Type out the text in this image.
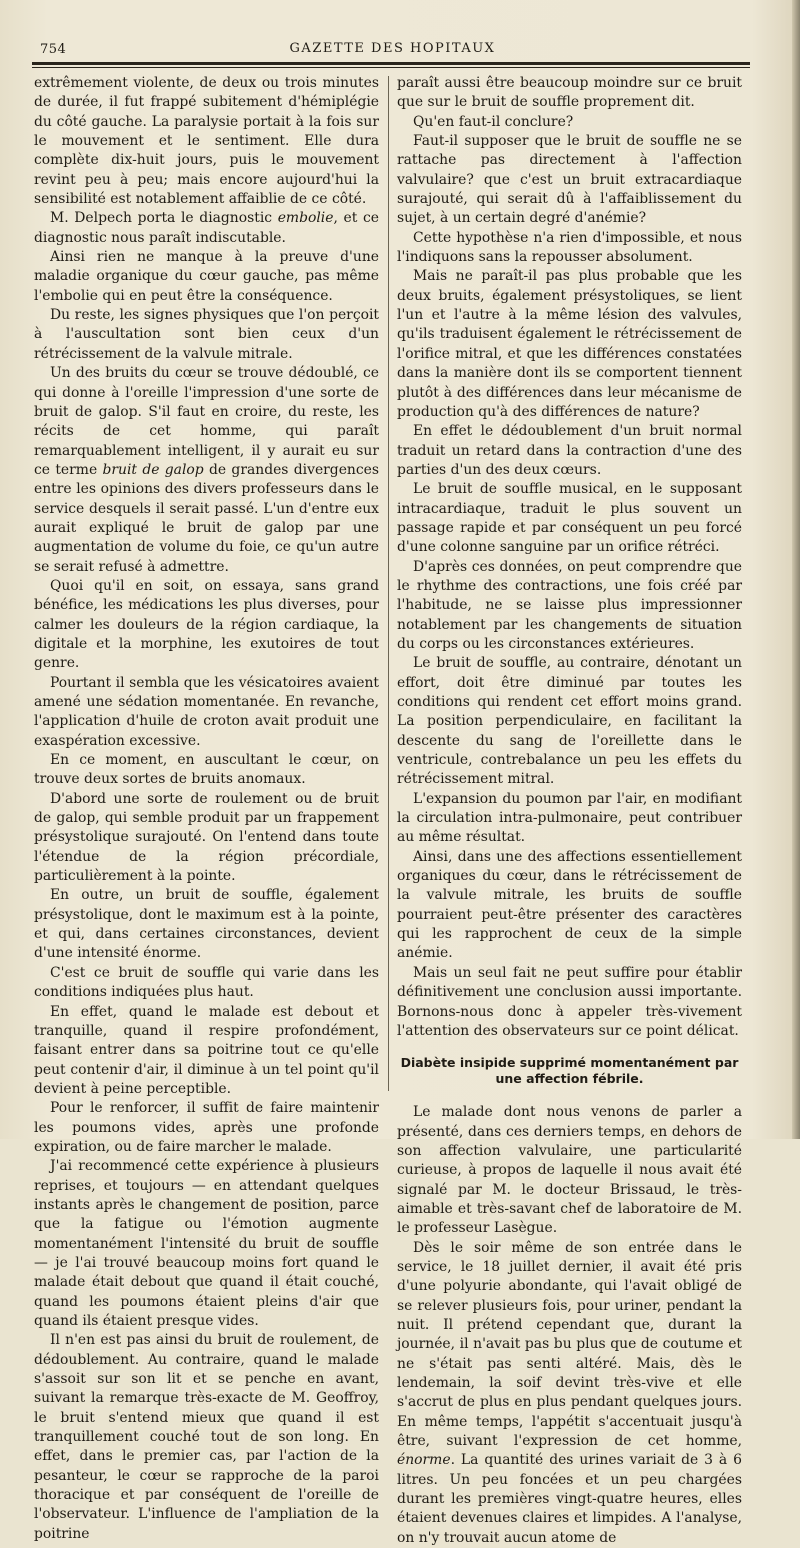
754	GAZETTE DES HOPITAUX

extrêmement violente, de deux ou trois minutes de durée, il fut frappé subitement d'hémiplégie du côté gauche. La paralysie portait à la fois sur le mouvement et le sentiment. Elle dura complète dix-huit jours, puis le mouvement revint peu à peu; mais encore aujourd'hui la sensibilité est notablement affaiblie de ce côté.

M. Delpech porta le diagnostic embolie, et ce diagnostic nous paraît indiscutable.

Ainsi rien ne manque à la preuve d'une maladie organique du cœur gauche, pas même l'embolie qui en peut être la conséquence.

Du reste, les signes physiques que l'on perçoit à l'auscultation sont bien ceux d'un rétrécissement de la valvule mitrale.

Un des bruits du cœur se trouve dédoublé, ce qui donne à l'oreille l'impression d'une sorte de bruit de galop. S'il faut en croire, du reste, les récits de cet homme, qui paraît remarquablement intelligent, il y aurait eu sur ce terme bruit de galop de grandes divergences entre les opinions des divers professeurs dans le service desquels il serait passé. L'un d'entre eux aurait expliqué le bruit de galop par une augmentation de volume du foie, ce qu'un autre se serait refusé à admettre.

Quoi qu'il en soit, on essaya, sans grand bénéfice, les médications les plus diverses, pour calmer les douleurs de la région cardiaque, la digitale et la morphine, les exutoires de tout genre.

Pourtant il sembla que les vésicatoires avaient amené une sédation momentanée. En revanche, l'application d'huile de croton avait produit une exaspération excessive.

En ce moment, en auscultant le cœur, on trouve deux sortes de bruits anomaux.

D'abord une sorte de roulement ou de bruit de galop, qui semble produit par un frappement présystolique surajouté. On l'entend dans toute l'étendue de la région précordiale, particulièrement à la pointe.

En outre, un bruit de souffle, également présystolique, dont le maximum est à la pointe, et qui, dans certaines circonstances, devient d'une intensité énorme.

C'est ce bruit de souffle qui varie dans les conditions indiquées plus haut.

En effet, quand le malade est debout et tranquille, quand il respire profondément, faisant entrer dans sa poitrine tout ce qu'elle peut contenir d'air, il diminue à un tel point qu'il devient à peine perceptible.

Pour le renforcer, il suffit de faire maintenir les poumons vides, après une profonde expiration, ou de faire marcher le malade.

J'ai recommencé cette expérience à plusieurs reprises, et toujours — en attendant quelques instants après le changement de position, parce que la fatigue ou l'émotion augmente momentanément l'intensité du bruit de souffle — je l'ai trouvé beaucoup moins fort quand le malade était debout que quand il était couché, quand les poumons étaient pleins d'air que quand ils étaient presque vides.

Il n'en est pas ainsi du bruit de roulement, de dédoublement. Au contraire, quand le malade s'assoit sur son lit et se penche en avant, suivant la remarque très-exacte de M. Geoffroy, le bruit s'entend mieux que quand il est tranquillement couché tout de son long. En effet, dans le premier cas, par l'action de la pesanteur, le cœur se rapproche de la paroi thoracique et par conséquent de l'oreille de l'observateur. L'influence de l'ampliation de la poitrine

paraît aussi être beaucoup moindre sur ce bruit que sur le bruit de souffle proprement dit.

Qu'en faut-il conclure?

Faut-il supposer que le bruit de souffle ne se rattache pas directement à l'affection valvulaire? que c'est un bruit extracardiaque surajouté, qui serait dû à l'affaiblissement du sujet, à un certain degré d'anémie?

Cette hypothèse n'a rien d'impossible, et nous l'indiquons sans la repousser absolument.

Mais ne paraît-il pas plus probable que les deux bruits, également présystoliques, se lient l'un et l'autre à la même lésion des valvules, qu'ils traduisent également le rétrécissement de l'orifice mitral, et que les différences constatées dans la manière dont ils se comportent tiennent plutôt à des différences dans leur mécanisme de production qu'à des différences de nature?

En effet le dédoublement d'un bruit normal traduit un retard dans la contraction d'une des parties d'un des deux cœurs.

Le bruit de souffle musical, en le supposant intracardiaque, traduit le plus souvent un passage rapide et par conséquent un peu forcé d'une colonne sanguine par un orifice rétréci.

D'après ces données, on peut comprendre que le rhythme des contractions, une fois créé par l'habitude, ne se laisse plus impressionner notablement par les changements de situation du corps ou les circonstances extérieures.

Le bruit de souffle, au contraire, dénotant un effort, doit être diminué par toutes les conditions qui rendent cet effort moins grand. La position perpendiculaire, en facilitant la descente du sang de l'oreillette dans le ventricule, contrebalance un peu les effets du rétrécissement mitral.

L'expansion du poumon par l'air, en modifiant la circulation intra-pulmonaire, peut contribuer au même résultat.

Ainsi, dans une des affections essentiellement organiques du cœur, dans le rétrécissement de la valvule mitrale, les bruits de souffle pourraient peut-être présenter des caractères qui les rapprochent de ceux de la simple anémie.

Mais un seul fait ne peut suffire pour établir définitivement une conclusion aussi importante. Bornons-nous donc à appeler très-vivement l'attention des observateurs sur ce point délicat.

Diabète insipide supprimé momentanément par une affection fébrile.

Le malade dont nous venons de parler a présenté, dans ces derniers temps, en dehors de son affection valvulaire, une particularité curieuse, à propos de laquelle il nous avait été signalé par M. le docteur Brissaud, le très-aimable et très-savant chef de laboratoire de M. le professeur Lasègue.

Dès le soir même de son entrée dans le service, le 18 juillet dernier, il avait été pris d'une polyurie abondante, qui l'avait obligé de se relever plusieurs fois, pour uriner, pendant la nuit. Il prétend cependant que, durant la journée, il n'avait pas bu plus que de coutume et ne s'était pas senti altéré. Mais, dès le lendemain, la soif devint très-vive et elle s'accrut de plus en plus pendant quelques jours. En même temps, l'appétit s'accentuait jusqu'à être, suivant l'expression de cet homme, énorme. La quantité des urines variait de 3 à 6 litres. Un peu foncées et un peu chargées durant les premières vingt-quatre heures, elles étaient devenues claires et limpides. A l'analyse, on n'y trouvait aucun atome de
